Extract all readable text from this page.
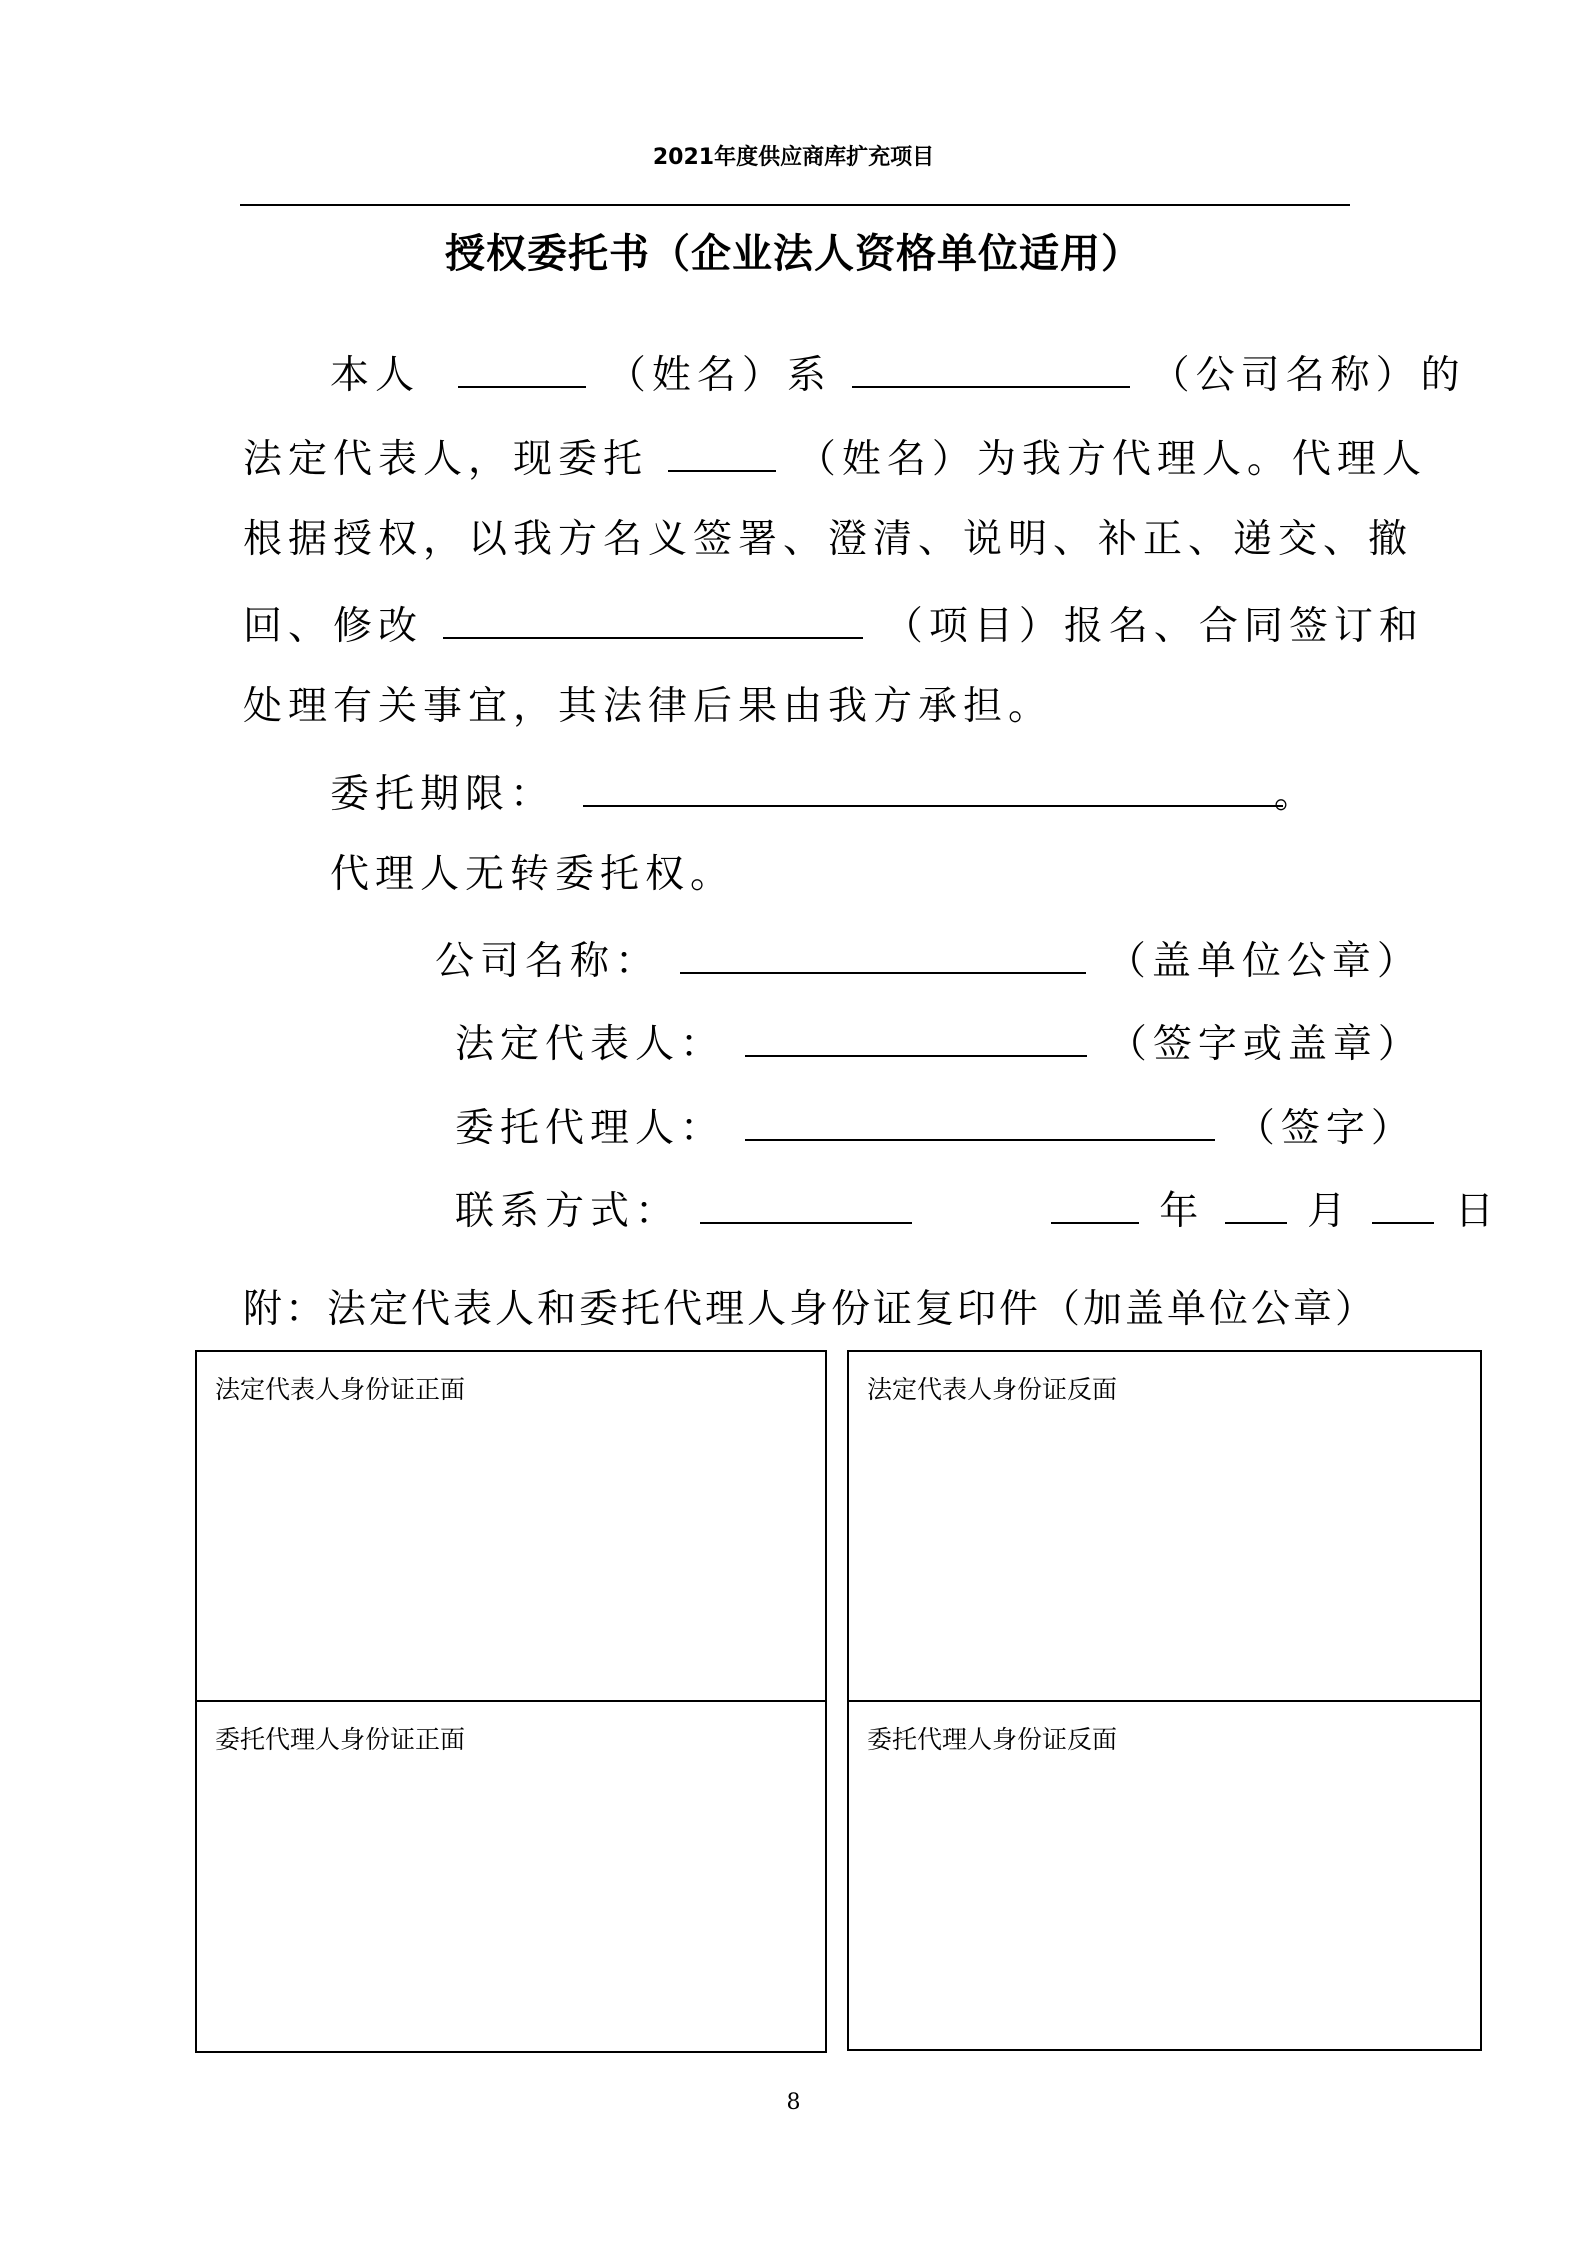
2021年度供应商库扩充项目
授权委托书（企业法人资格单位适用）
本人	（姓名）系	（公司名称）的
法定代表人，现委托	（姓名）为我方代理人。代理人
根据授权，以我方名义签署、澄清、说明、补正、递交、撤
回、修改	（项目）报名、合同签订和
处理有关事宜，其法律后果由我方承担。
委托期限：	。
代理人无转委托权。
公司名称：	（盖单位公章）
法定代表人：	（签字或盖章）
委托代理人：	（签字）
联系方式：	年	月	日
附：法定代表人和委托代理人身份证复印件（加盖单位公章）
法定代表人身份证正面	法定代表人身份证反面
委托代理人身份证正面	委托代理人身份证反面
8
